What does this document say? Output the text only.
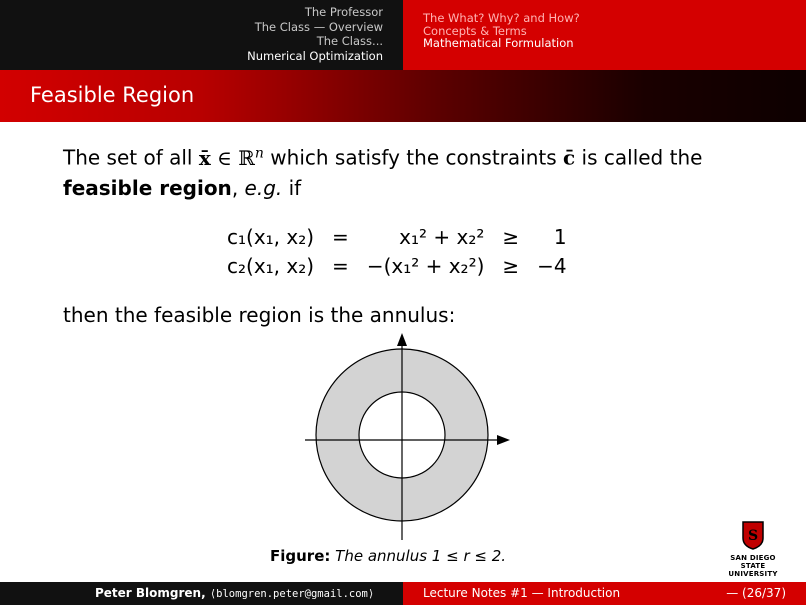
The Professor
The Class — Overview
The Class...
Numerical Optimization
The What? Why? and How?
Concepts & Terms
Mathematical Formulation
Feasible Region
The set of all x̄ ∈ ℝ$^n$ which satisfy the constraints c̄ is called the
feasible region, e.g. if
c₁(x₁, x₂)	=	x₁² + x₂²	≥	1
c₂(x₁, x₂)	=	−(x₁² + x₂²)	≥	−4
then the feasible region is the annulus:
Figure: The annulus 1 ≤ r ≤ 2.
S
SAN DIEGO STATE
UNIVERSITY
Peter Blomgren, ⟨blomgren.peter@gmail.com⟩	Lecture Notes #1 — Introduction	— (26/37)
